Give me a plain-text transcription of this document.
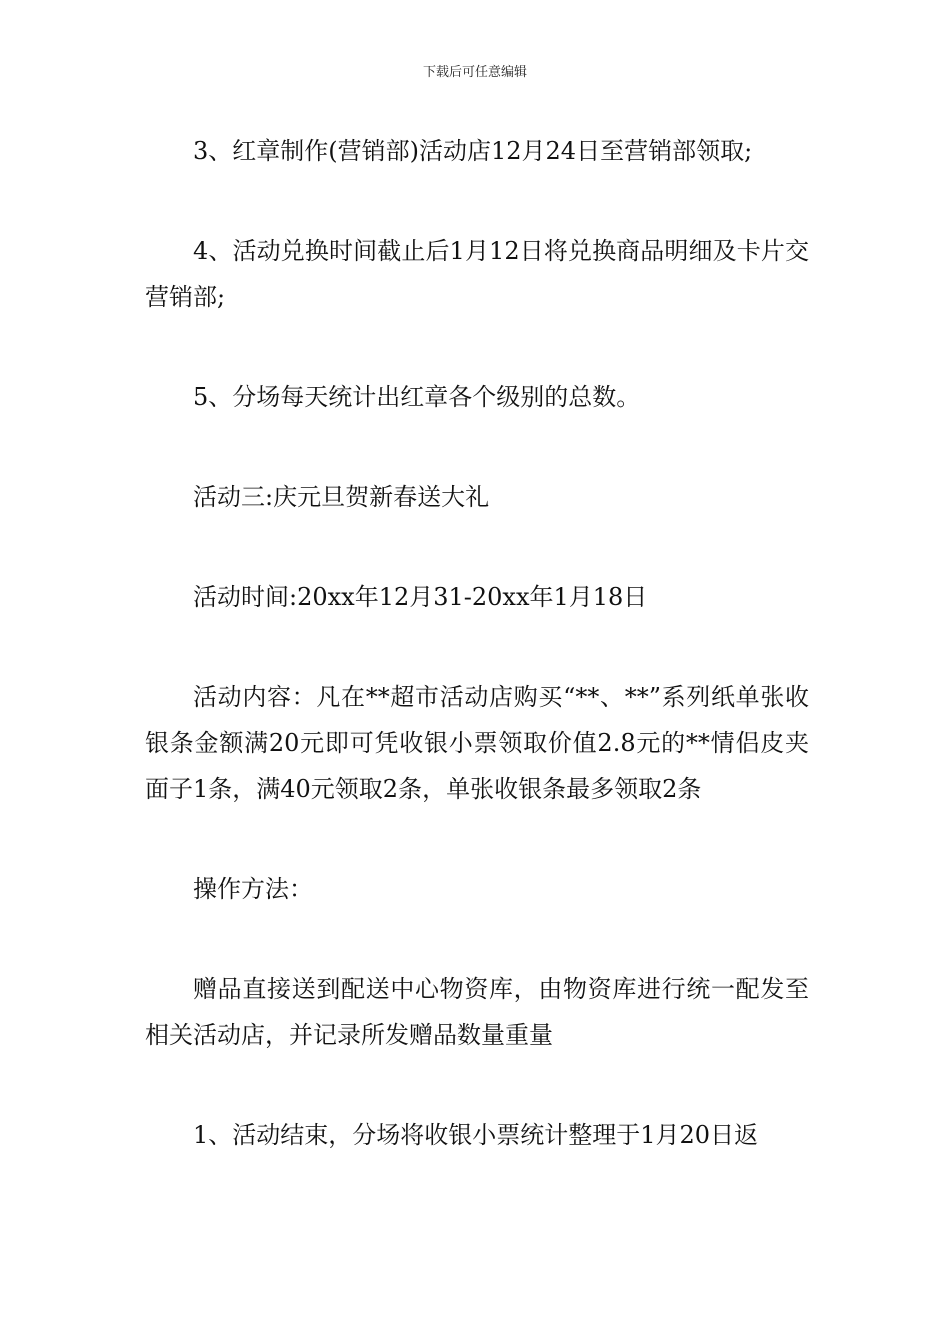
下载后可任意编辑

3、红章制作(营销部)活动店12月24日至营销部领取;

4、活动兑换时间截止后1月12日将兑换商品明细及卡片交营销部;

5、分场每天统计出红章各个级别的总数。

活动三:庆元旦贺新春送大礼

活动时间:20xx年12月31-20xx年1月18日

活动内容：凡在**超市活动店购买“**、**”系列纸单张收银条金额满20元即可凭收银小票领取价值2.8元的**情侣皮夹面子1条，满40元领取2条，单张收银条最多领取2条

操作方法：

赠品直接送到配送中心物资库，由物资库进行统一配发至相关活动店，并记录所发赠品数量重量

1、活动结束，分场将收银小票统计整理于1月20日返
